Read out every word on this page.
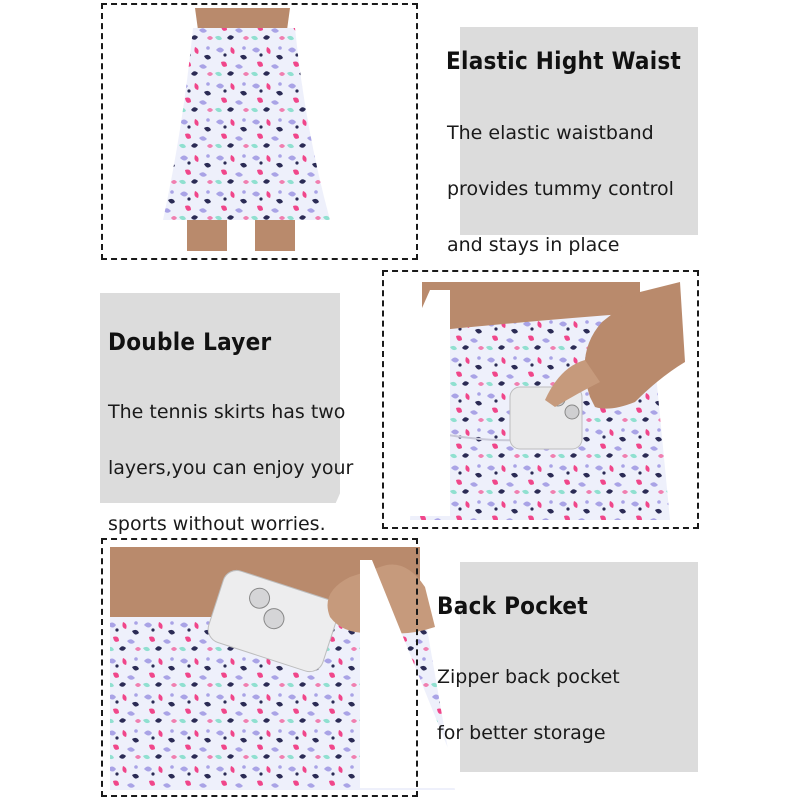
Elastic Hight Waist

The elastic waistband

provides tummy control

and stays in place

Double Layer

The tennis skirts has two

layers,you can enjoy your

sports without worries.

Back Pocket

Zipper back pocket

for better storage
